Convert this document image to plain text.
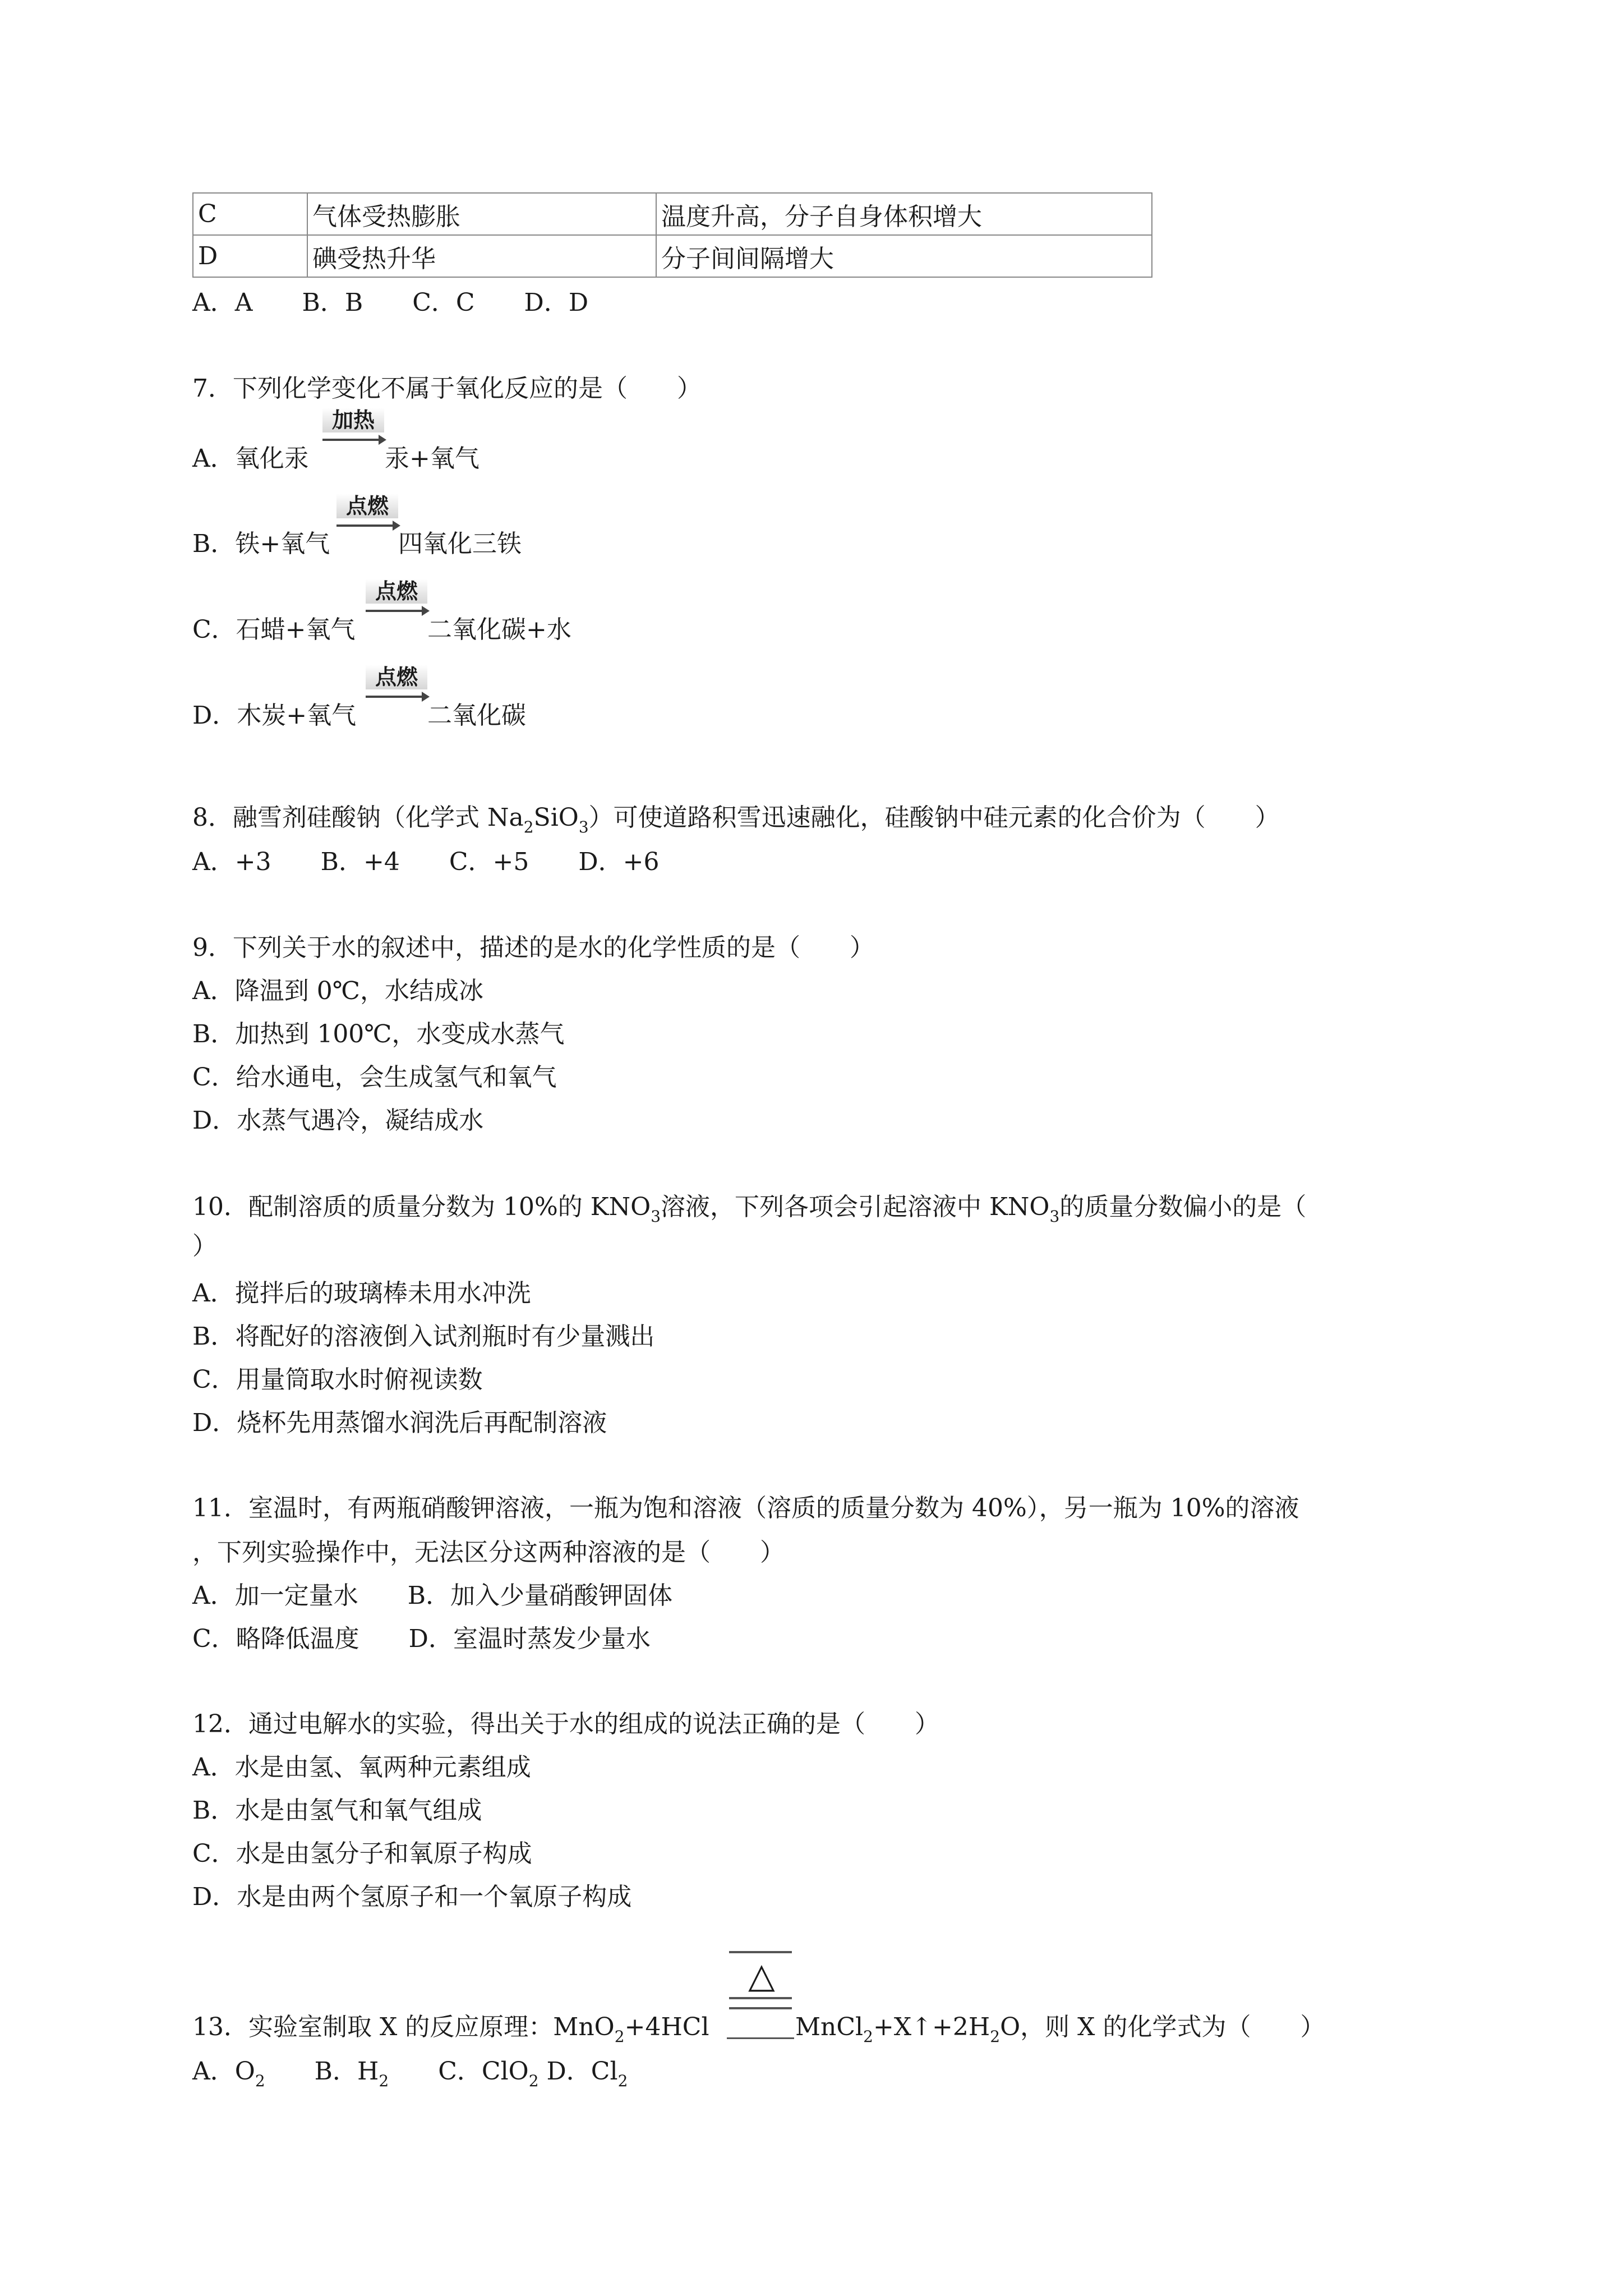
C	气体受热膨胀	温度升高，分子自身体积增大
D	碘受热升华	分子间间隔增大
A．A　　B．B　　C．C　　D．D
7．下列化学变化不属于氧化反应的是（　　）
A．氧化汞
加热
汞+氧气
B．铁+氧气
点燃
四氧化三铁
C．石蜡+氧气
点燃
二氧化碳+水
D．木炭+氧气
点燃
二氧化碳
8．融雪剂硅酸钠（化学式 $Na_2SiO_3$）可使道路积雪迅速融化，硅酸钠中硅元素的化合价为（　　）
A．+3　　B．+4　　C．+5　　D．+6
9．下列关于水的叙述中，描述的是水的化学性质的是（　　）
A．降温到 0℃，水结成冰
B．加热到 100℃，水变成水蒸气
C．给水通电，会生成氢气和氧气
D．水蒸气遇冷，凝结成水
10．配制溶质的质量分数为 10%的 $KNO_3$溶液，下列各项会引起溶液中 $KNO_3$的质量分数偏小的是（
）
A．搅拌后的玻璃棒未用水冲洗
B．将配好的溶液倒入试剂瓶时有少量溅出
C．用量筒取水时俯视读数
D．烧杯先用蒸馏水润洗后再配制溶液
11．室温时，有两瓶硝酸钾溶液，一瓶为饱和溶液（溶质的质量分数为 40%），另一瓶为 10%的溶液
，下列实验操作中，无法区分这两种溶液的是（　　）
A．加一定量水　　B．加入少量硝酸钾固体
C．略降低温度　　D．室温时蒸发少量水
12．通过电解水的实验，得出关于水的组成的说法正确的是（　　）
A．水是由氢、氧两种元素组成
B．水是由氢气和氧气组成
C．水是由氢分子和氧原子构成
D．水是由两个氢原子和一个氧原子构成
△
13．实验室制取 X 的反应原理：MnO$_2$+4HCl	$MnCl_2+X↑+2H_2O$，则 X 的化学式为（　　）
A．$O_2$　　B．$H_2$　　C．ClO$_2$ D．$Cl_2$
